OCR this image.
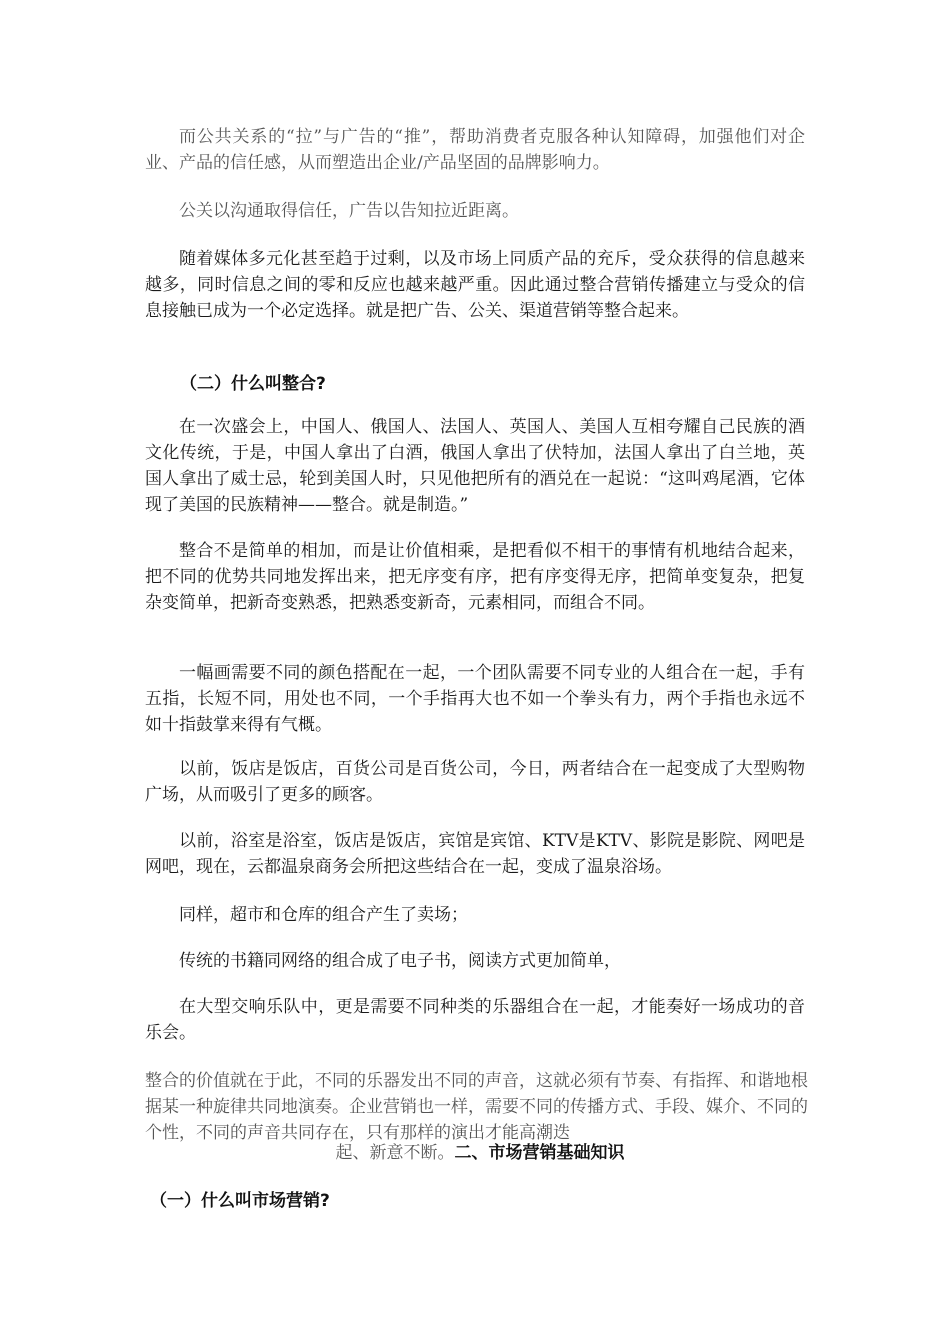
而公共关系的“拉”与广告的“推”，帮助消费者克服各种认知障碍，加强他们对企业、产品的信任感，从而塑造出企业/产品坚固的品牌影响力。

公关以沟通取得信任，广告以告知拉近距离。

随着媒体多元化甚至趋于过剩，以及市场上同质产品的充斥，受众获得的信息越来越多，同时信息之间的零和反应也越来越严重。因此通过整合营销传播建立与受众的信息接触已成为一个必定选择。就是把广告、公关、渠道营销等整合起来。

（二）什么叫整合?

在一次盛会上，中国人、俄国人、法国人、英国人、美国人互相夸耀自己民族的酒文化传统，于是，中国人拿出了白酒，俄国人拿出了伏特加，法国人拿出了白兰地，英国人拿出了威士忌，轮到美国人时，只见他把所有的酒兑在一起说：“这叫鸡尾酒，它体现了美国的民族精神——整合。就是制造。”

整合不是简单的相加，而是让价值相乘，是把看似不相干的事情有机地结合起来，把不同的优势共同地发挥出来，把无序变有序，把有序变得无序，把简单变复杂，把复杂变简单，把新奇变熟悉，把熟悉变新奇，元素相同，而组合不同。

一幅画需要不同的颜色搭配在一起，一个团队需要不同专业的人组合在一起，手有五指，长短不同，用处也不同，一个手指再大也不如一个拳头有力，两个手指也永远不如十指鼓掌来得有气概。

以前，饭店是饭店，百货公司是百货公司，今日，两者结合在一起变成了大型购物广场，从而吸引了更多的顾客。

以前，浴室是浴室，饭店是饭店，宾馆是宾馆、KTV是KTV、影院是影院、网吧是网吧，现在，云都温泉商务会所把这些结合在一起，变成了温泉浴场。

同样，超市和仓库的组合产生了卖场；

传统的书籍同网络的组合成了电子书，阅读方式更加简单，

在大型交响乐队中，更是需要不同种类的乐器组合在一起，才能奏好一场成功的音乐会。

整合的价值就在于此，不同的乐器发出不同的声音，这就必须有节奏、有指挥、和谐地根据某一种旋律共同地演奏。企业营销也一样，需要不同的传播方式、手段、媒介、不同的个性，不同的声音共同存在，只有那样的演出才能高潮迭

起、新意不断。二、市场营销基础知识

（一）什么叫市场营销?
